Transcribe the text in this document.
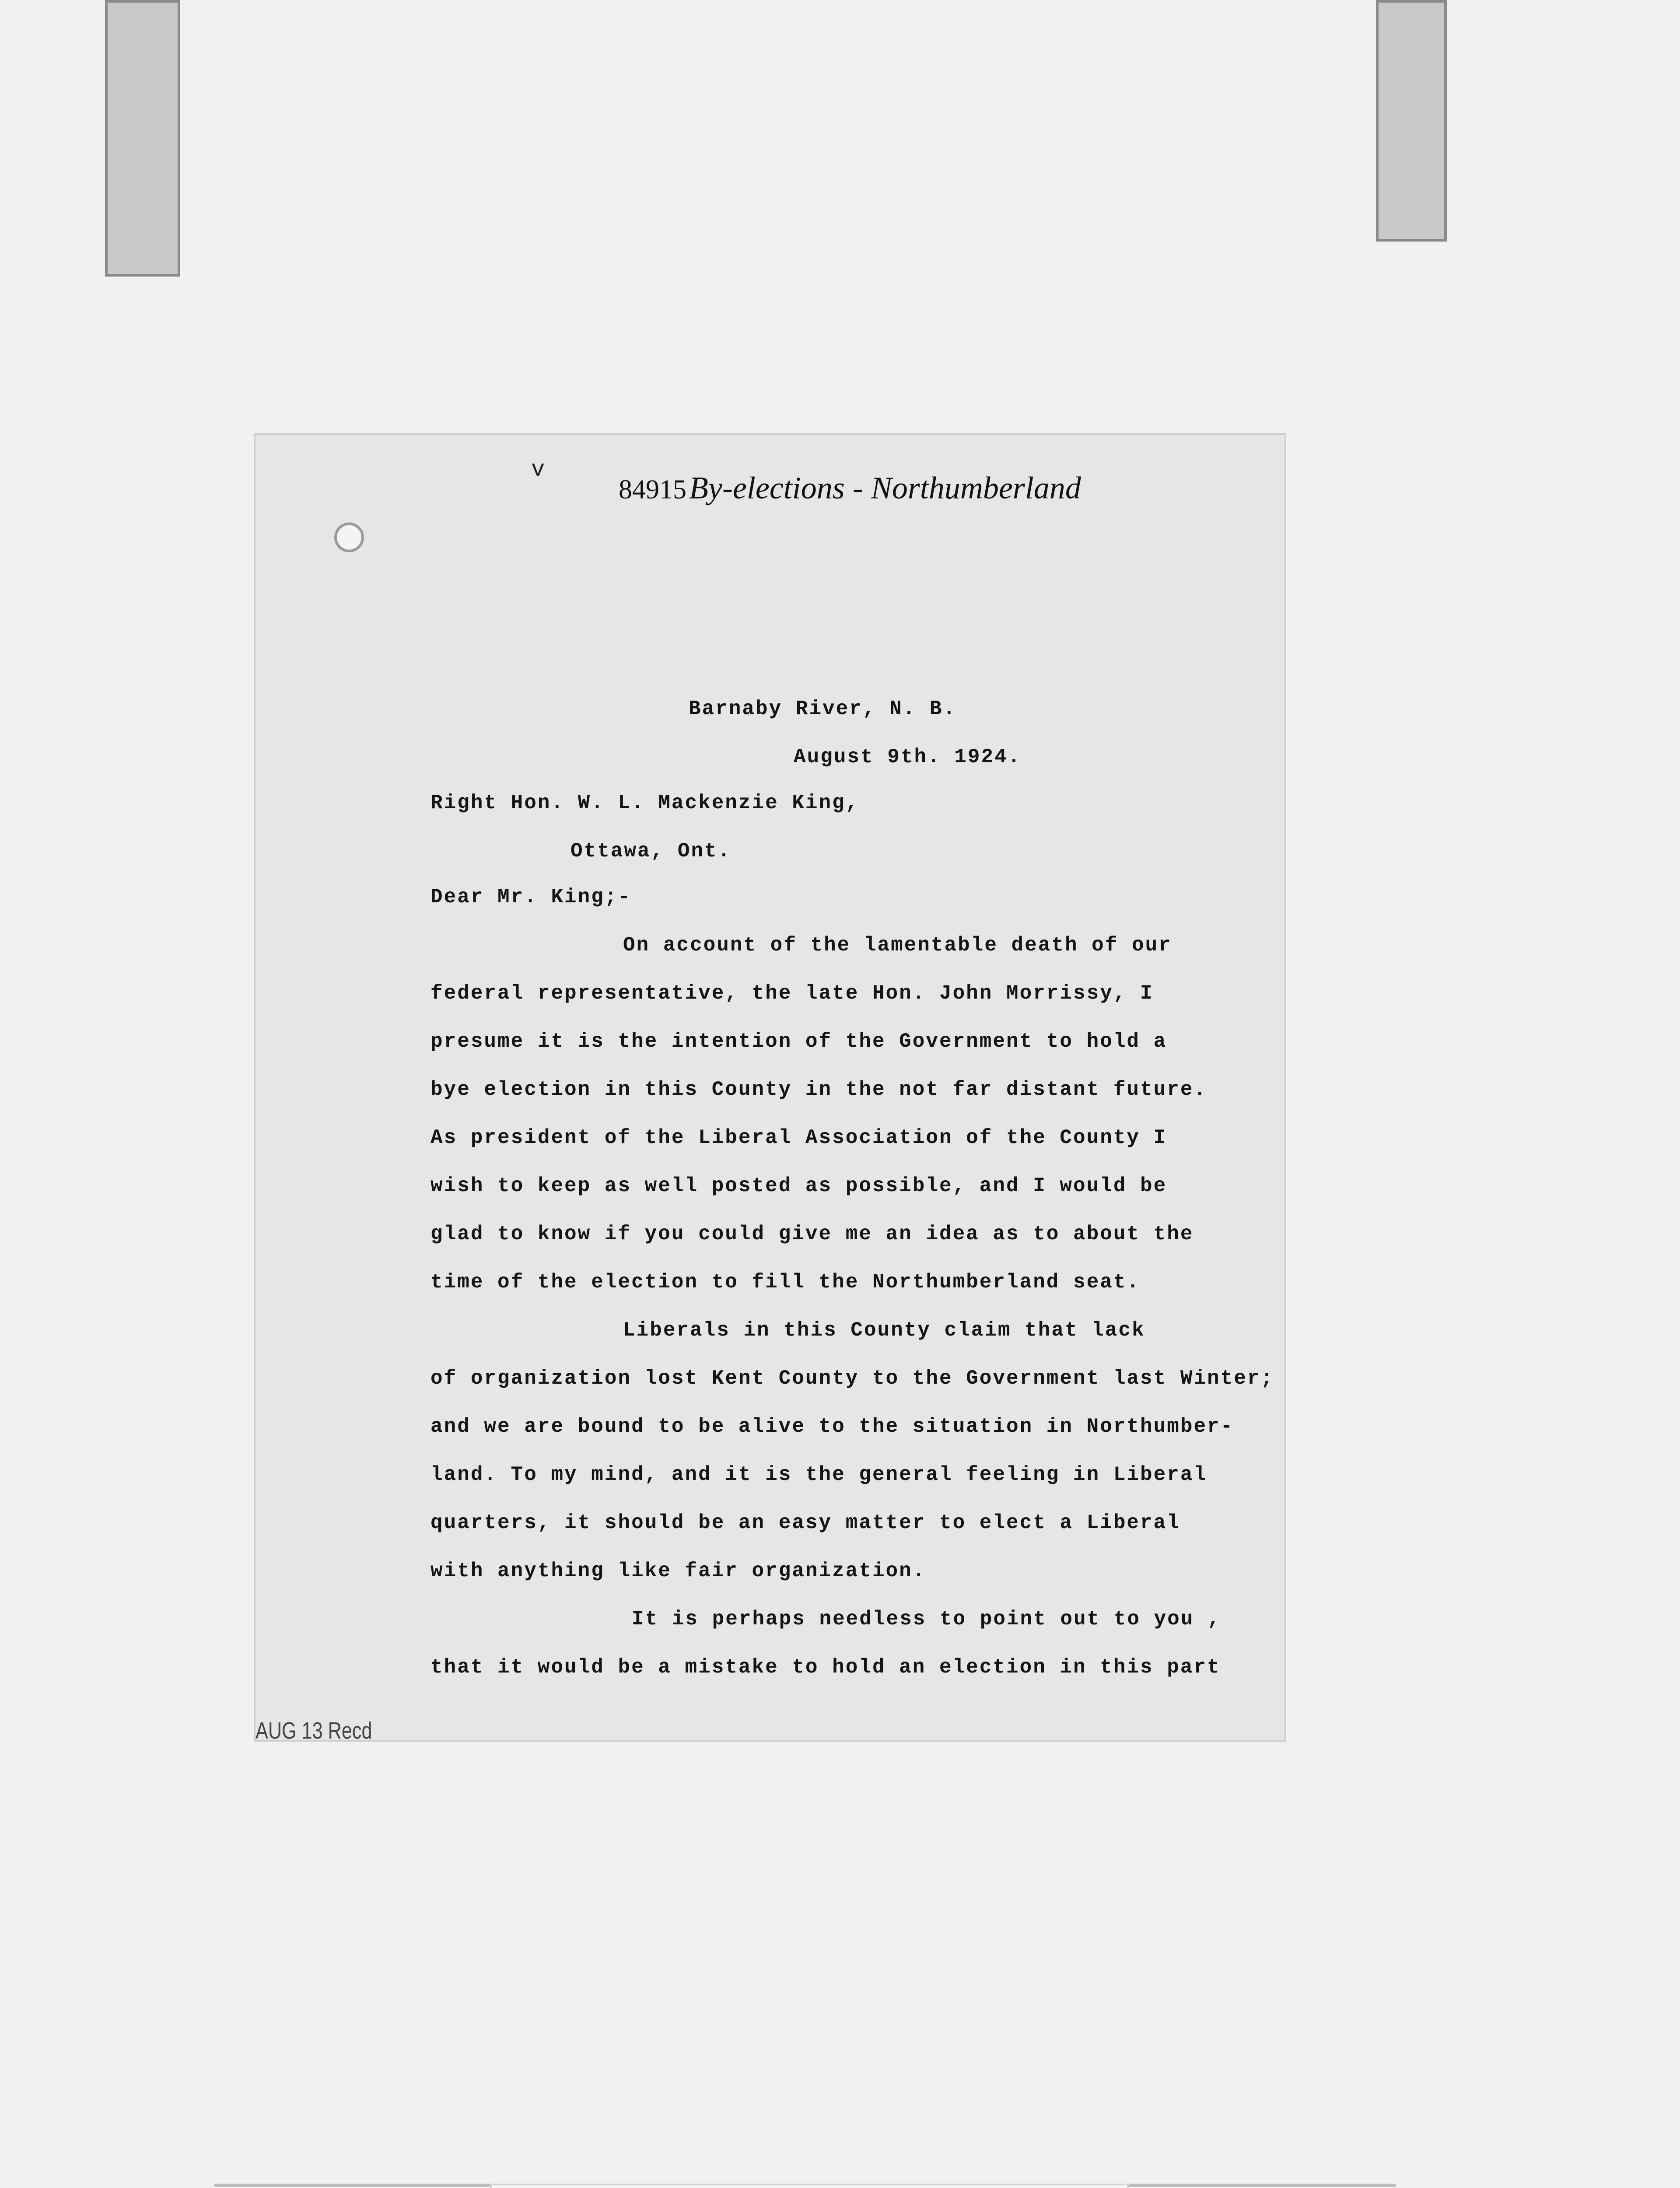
v
84915By-elections - Northumberland
Barnaby River, N. B.
August 9th. 1924.
Right Hon. W. L. Mackenzie King,
Ottawa, Ont.
Dear Mr. King;-
On account of the lamentable death of our
federal representative, the late Hon. John Morrissy, I
presume it is the intention of the Government to hold a
bye election in this County in the not far distant future.
As president of the Liberal Association of the County I
wish to keep as well posted as possible, and I would be
glad to know if you could give me an idea as to about the
time of the election to fill the Northumberland seat.
Liberals in this County claim that lack
of organization lost Kent County to the Government last Winter;
and we are bound to be alive to the situation in Northumber-
land. To my mind, and it is the general feeling in Liberal
quarters, it should be an easy matter to elect a Liberal
with anything like fair organization.
It is perhaps needless to point out to you ,
that it would be a mistake to hold an election in this part
AUG 13 Recd
